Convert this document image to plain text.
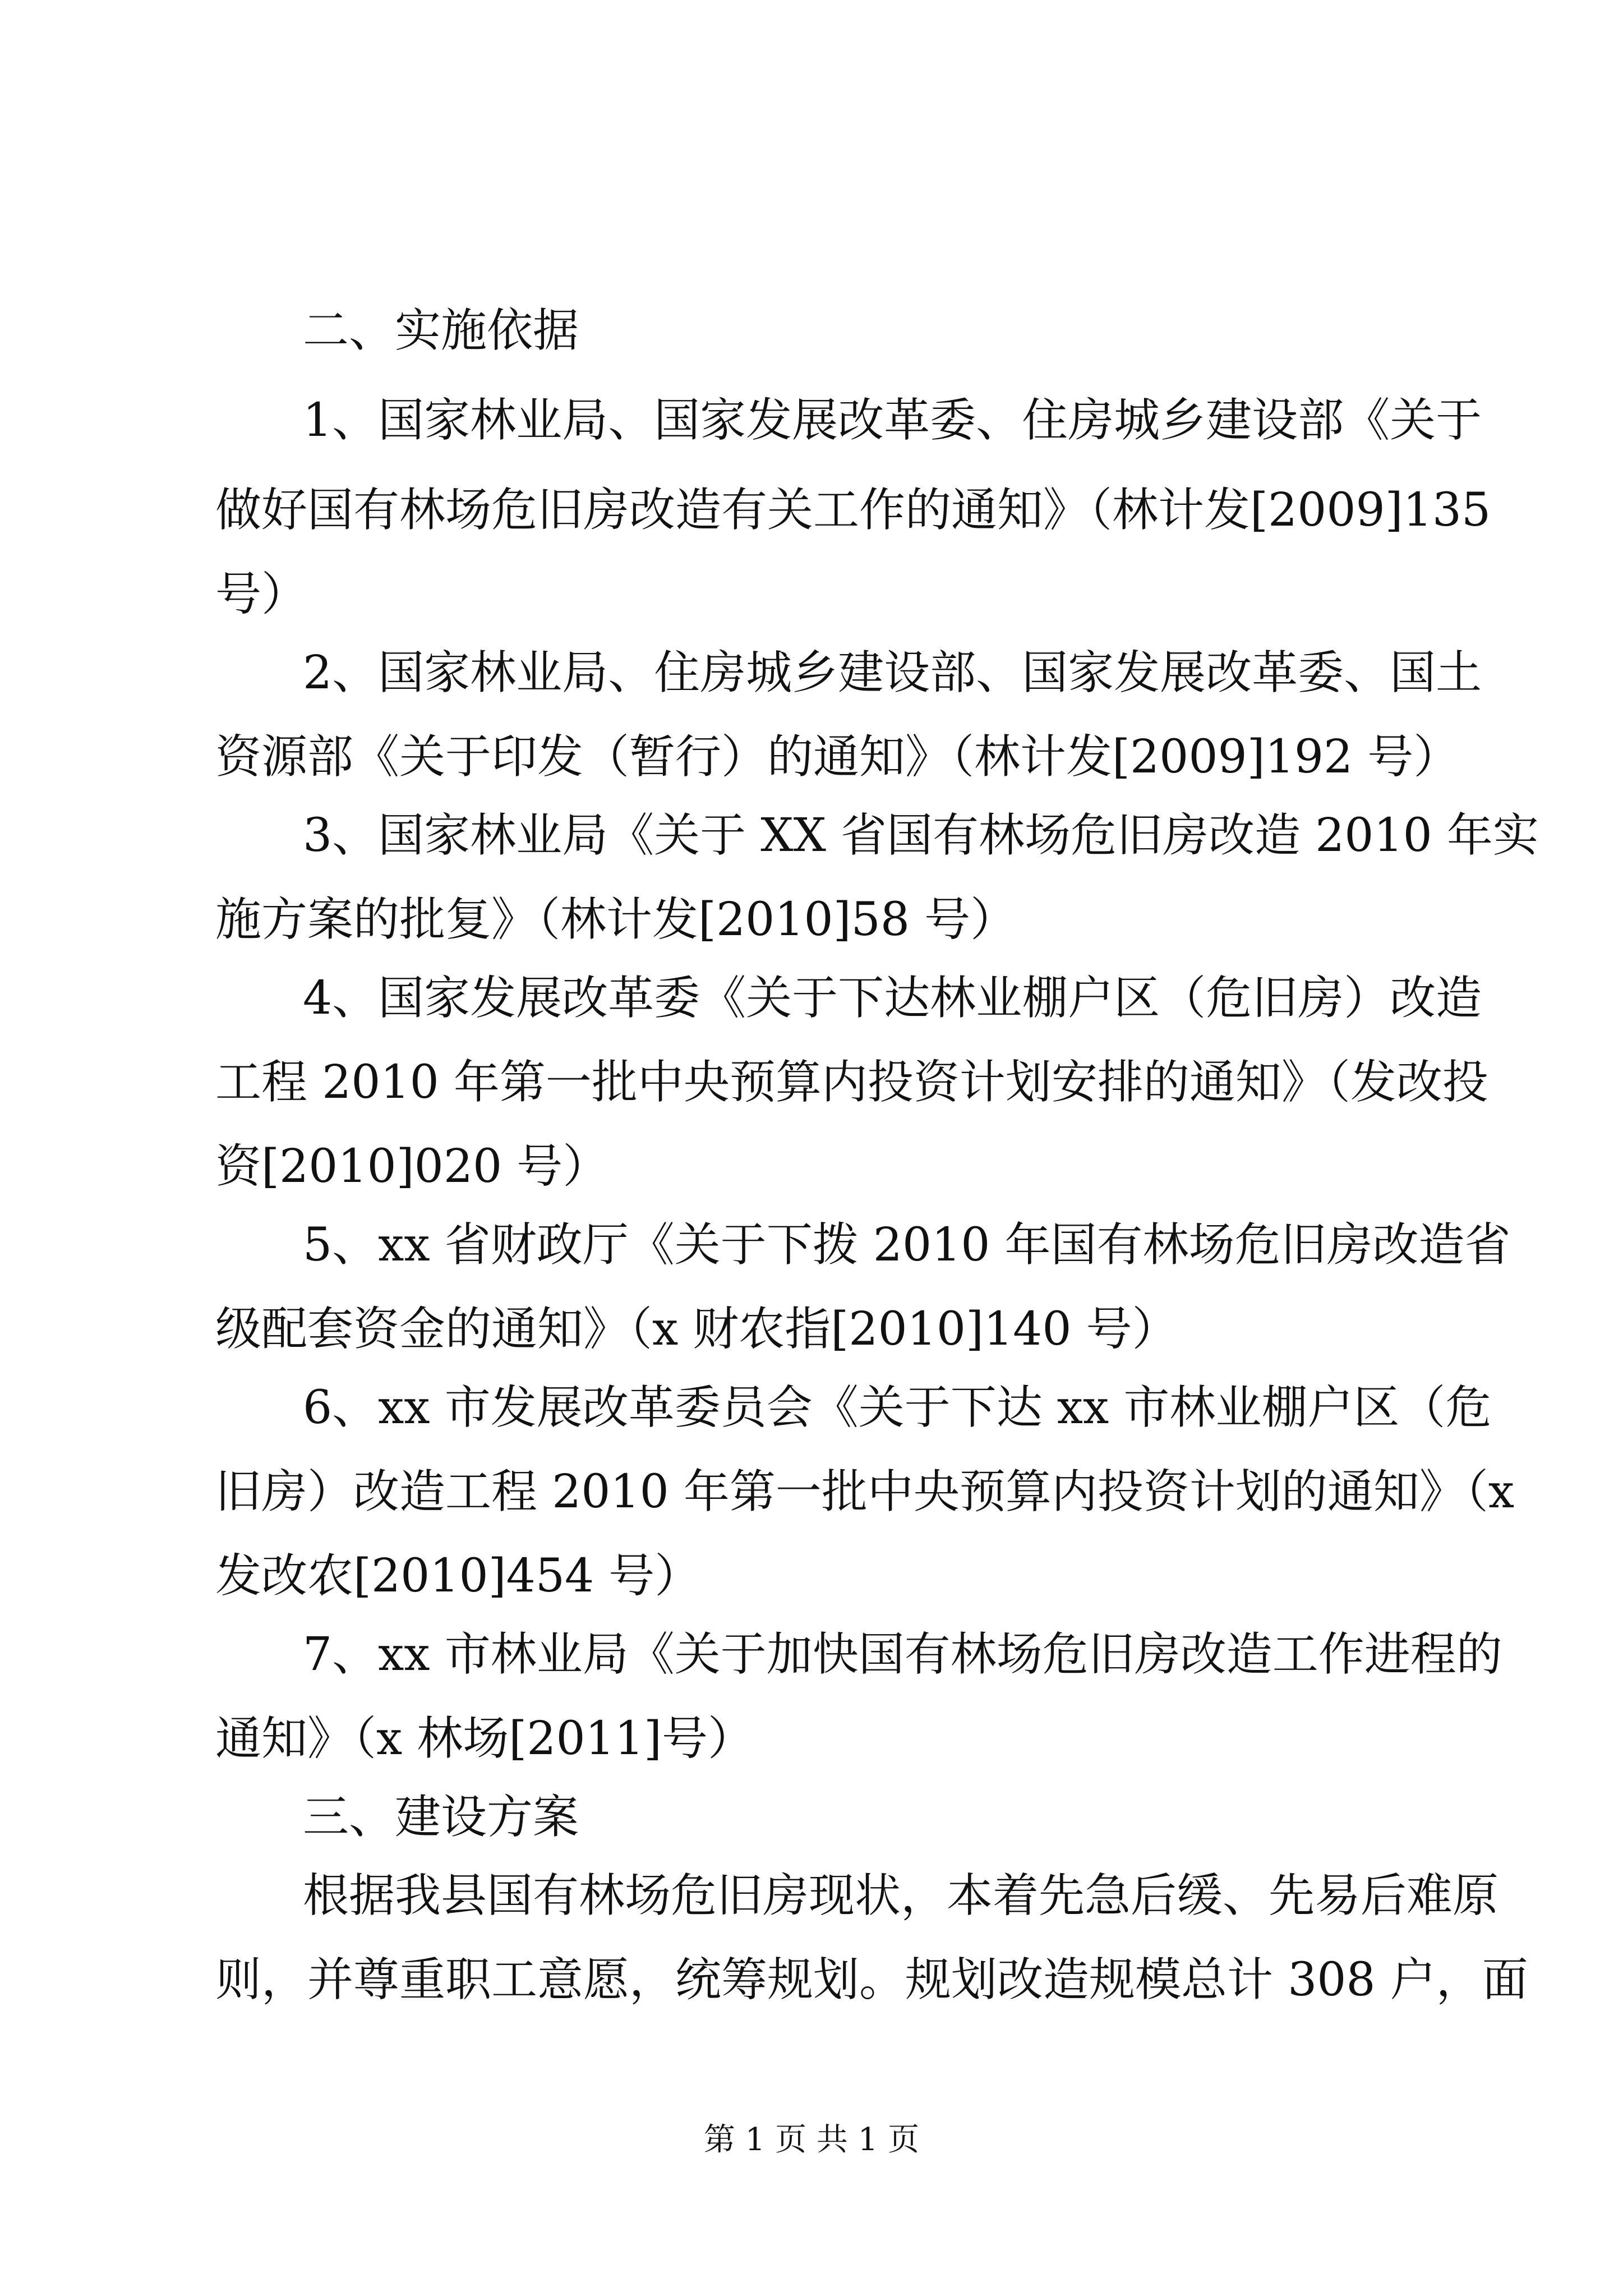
二、实施依据
1、国家林业局、国家发展改革委、住房城乡建设部《关于
做好国有林场危旧房改造有关工作的通知》（林计发[2009]135
号）
2、国家林业局、住房城乡建设部、国家发展改革委、国土
资源部《关于印发（暂行）的通知》（林计发[2009]192 号）
3、国家林业局《关于 XX 省国有林场危旧房改造 2010 年实
施方案的批复》（林计发[2010]58 号）
4、国家发展改革委《关于下达林业棚户区（危旧房）改造
工程 2010 年第一批中央预算内投资计划安排的通知》（发改投
资[2010]020 号）
5、xx 省财政厅《关于下拨 2010 年国有林场危旧房改造省
级配套资金的通知》（x 财农指[2010]140 号）
6、xx 市发展改革委员会《关于下达 xx 市林业棚户区（危
旧房）改造工程 2010 年第一批中央预算内投资计划的通知》（x
发改农[2010]454 号）
7、xx 市林业局《关于加快国有林场危旧房改造工作进程的
通知》（x 林场[2011]号）
三、建设方案
根据我县国有林场危旧房现状，本着先急后缓、先易后难原
则，并尊重职工意愿，统筹规划。规划改造规模总计 308 户，面
第 1 页 共 1 页
